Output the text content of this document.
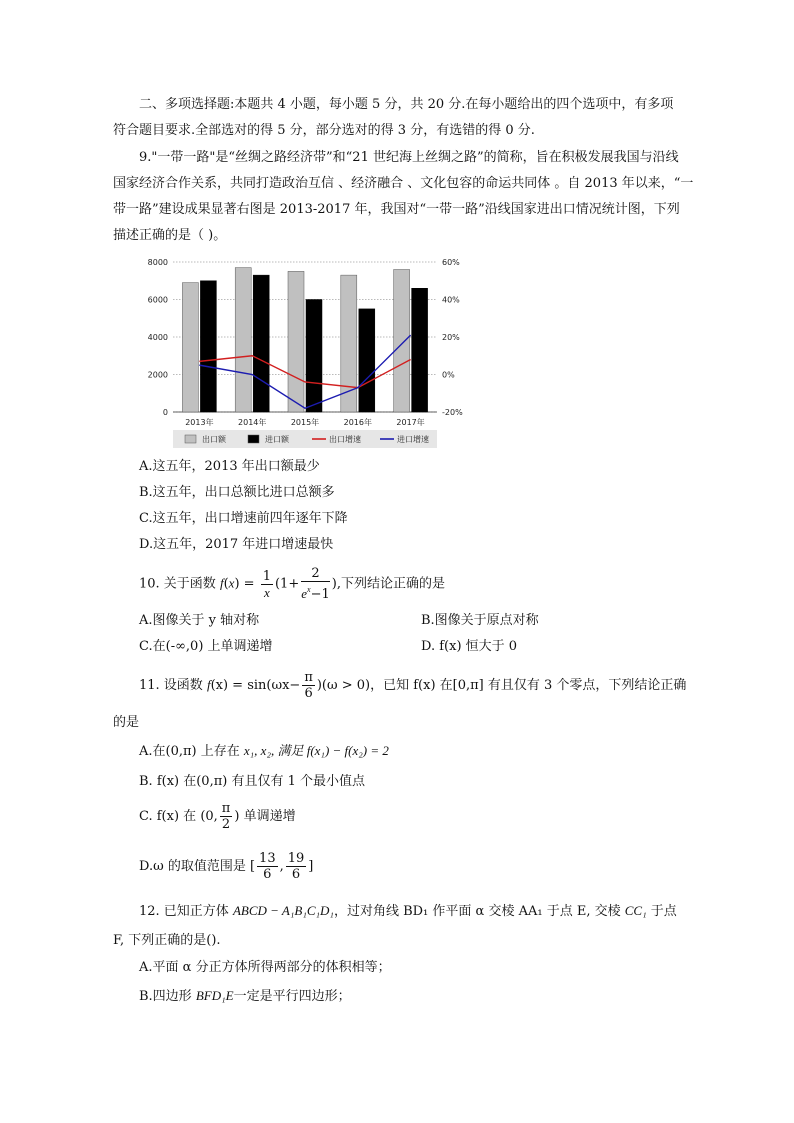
二、多项选择题:本题共 4 小题，每小题 5 分，共 20 分.在每小题给出的四个选项中，有多项
符合题目要求.全部选对的得 5 分，部分选对的得 3 分，有选错的得 0 分.
9."一带一路"是“丝绸之路经济带”和“21 世纪海上丝绸之路”的简称，旨在积极发展我国与沿线
国家经济合作关系，共同打造政治互信 、经济融合 、文化包容的命运共同体 。自 2013 年以来，“一
带一路”建设成果显著右图是 2013-2017 年，我国对“一带一路”沿线国家进出口情况统计图，下列
描述正确的是（ )。
8000	60%
6000	40%
4000	20%
2000	0%
0	-20%
2013年	2014年	2015年	2016年	2017年
出口额	进口额	出口增速	进口增速
A.这五年，2013 年出口额最少
B.这五年，出口总额比进口总额多
C.这五年，出口增速前四年逐年下降
D.这五年，2017 年进口增速最快
10. 关于函数 $f(x) = \frac{1}{x} (1+ \frac{2}{e^x-1}$ ),下列结论正确的是
A.图像关于 y 轴对称	B.图像关于原点对称
C.在(-∞,0) 上单调递增	D. f(x) 恒大于 0
11. 设函数 $f(x) = \sin(\omega x- \frac{\pi}{6} )(\omega > 0)$，已知 f(x) 在[0,π] 有且仅有 3 个零点，下列结论正确
的是
A.在(0,π) 上存在 x₁, x₂, 满足 f(x₁) − f(x₂) = 2
B. f(x) 在(0,π) 有且仅有 1 个最小值点
C. f(x) 在 (0, $\frac{\pi}{2}$ ) 单调递增
D.ω 的取值范围是 [ $\frac{13}{6}$ , $\frac{19}{6}$ ]
12. 已知正方体 ABCD − A₁B₁C₁D₁，过对角线 BD₁ 作平面 α 交棱 AA₁ 于点 E, 交棱 CC₁ 于点
F, 下列正确的是().
A.平面 α 分正方体所得两部分的体积相等；
B.四边形 BFD₁E一定是平行四边形；
